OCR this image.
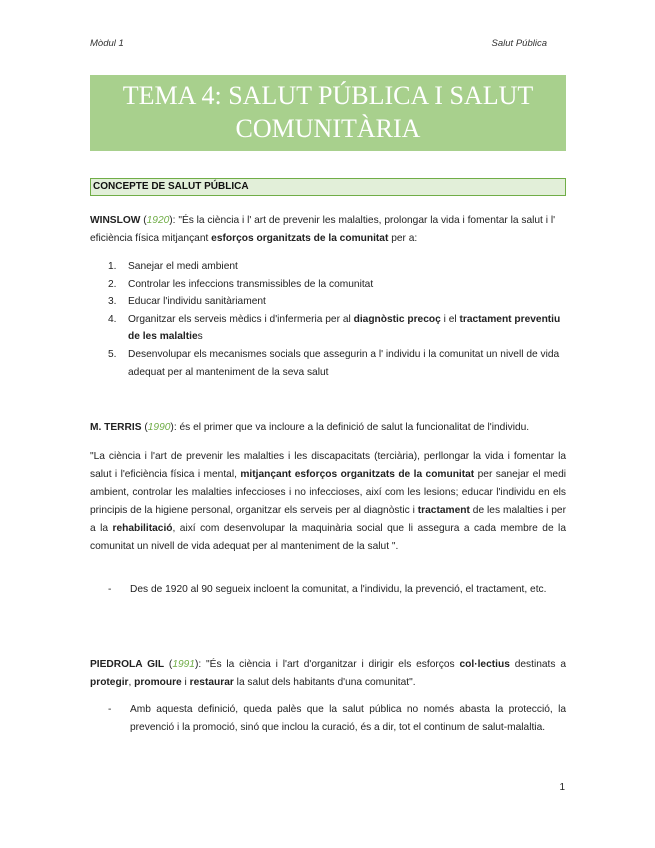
Mòdul 1	Salut Pública
TEMA 4: SALUT PÚBLICA I SALUT
COMUNITÀRIA
CONCEPTE DE SALUT PÚBLICA
WINSLOW (1920): "És la ciència i l' art de prevenir les malalties, prolongar la vida i fomentar la salut i l' eficiència física mitjançant esforços organitzats de la comunitat per a:
1. Sanejar el medi ambient
2. Controlar les infeccions transmissibles de la comunitat
3. Educar l'individu sanitàriament
4. Organitzar els serveis mèdics i d'infermeria per al diagnòstic precoç i el tractament preventiu de les malalties
5. Desenvolupar els mecanismes socials que assegurin a l' individu i la comunitat un nivell de vida adequat per al manteniment de la seva salut
M. TERRIS (1990): és el primer que va incloure a la definició de salut la funcionalitat de l'individu.
"La ciència i l'art de prevenir les malalties i les discapacitats (terciària), perllongar la vida i fomentar la salut i l'eficiència física i mental, mitjançant esforços organitzats de la comunitat per sanejar el medi ambient, controlar les malalties infeccioses i no infeccioses, així com les lesions; educar l'individu en els principis de la higiene personal, organitzar els serveis per al diagnòstic i tractament de les malalties i per a la rehabilitació, així com desenvolupar la maquinària social que li assegura a cada membre de la comunitat un nivell de vida adequat per al manteniment de la salut ".
- Des de 1920 al 90 segueix incloent la comunitat, a l'individu, la prevenció, el tractament, etc.
PIEDROLA GIL (1991): "És la ciència i l'art d'organitzar i dirigir els esforços col·lectius destinats a protegir, promoure i restaurar la salut dels habitants d'una comunitat".
- Amb aquesta definició, queda palès que la salut pública no només abasta la protecció, la prevenció i la promoció, sinó que inclou la curació, és a dir, tot el continum de salut-malaltia.
1
